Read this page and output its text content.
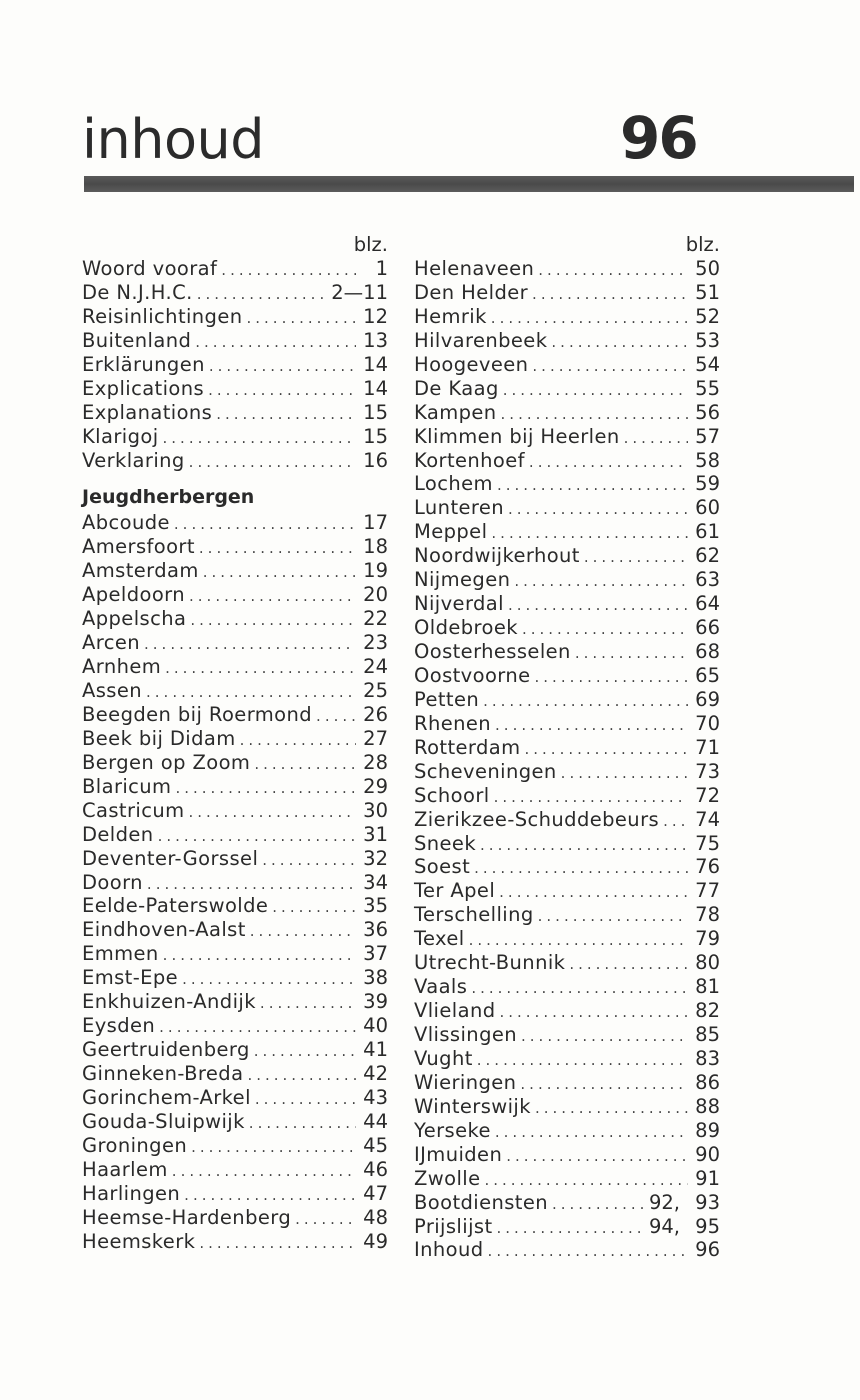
inhoud	96
blz.
Woord vooraf .....	1
De N.J.H.C. .....	2—11
Reisinlichtingen .....	12
Buitenland .....	13
Erklärungen .....	14
Explications .....	14
Explanations .....	15
Klarigoj .....	15
Verklaring .....	16
Jeugdherbergen
Abcoude .....	17
Amersfoort .....	18
Amsterdam .....	19
Apeldoorn .....	20
Appelscha .....	22
Arcen .....	23
Arnhem .....	24
Assen .....	25
Beegden bij Roermond .....	26
Beek bij Didam .....	27
Bergen op Zoom .....	28
Blaricum .....	29
Castricum .....	30
Delden .....	31
Deventer-Gorssel .....	32
Doorn .....	34
Eelde-Paterswolde .....	35
Eindhoven-Aalst .....	36
Emmen .....	37
Emst-Epe .....	38
Enkhuizen-Andijk .....	39
Eysden .....	40
Geertruidenberg .....	41
Ginneken-Breda .....	42
Gorinchem-Arkel .....	43
Gouda-Sluipwijk .....	44
Groningen .....	45
Haarlem .....	46
Harlingen .....	47
Heemse-Hardenberg .....	48
Heemskerk .....	49
blz.
Helenaveen .....	50
Den Helder .....	51
Hemrik .....	52
Hilvarenbeek .....	53
Hoogeveen .....	54
De Kaag .....	55
Kampen .....	56
Klimmen bij Heerlen .....	57
Kortenhoef .....	58
Lochem .....	59
Lunteren .....	60
Meppel .....	61
Noordwijkerhout .....	62
Nijmegen .....	63
Nijverdal .....	64
Oldebroek .....	66
Oosterhesselen .....	68
Oostvoorne .....	65
Petten .....	69
Rhenen .....	70
Rotterdam .....	71
Scheveningen .....	73
Schoorl .....	72
Zierikzee-Schuddebeurs ..... 74
Sneek .....	75
Soest .....	76
Ter Apel .....	77
Terschelling .....	78
Texel .....	79
Utrecht-Bunnik .....	80
Vaals .....	81
Vlieland .....	82
Vlissingen .....	85
Vught .....	83
Wieringen .....	86
Winterswijk .....	88
Yerseke .....	89
IJmuiden .....	90
Zwolle .....	91
Bootdiensten .....	92, 93
Prijslijst .....	94, 95
Inhoud .....	96
